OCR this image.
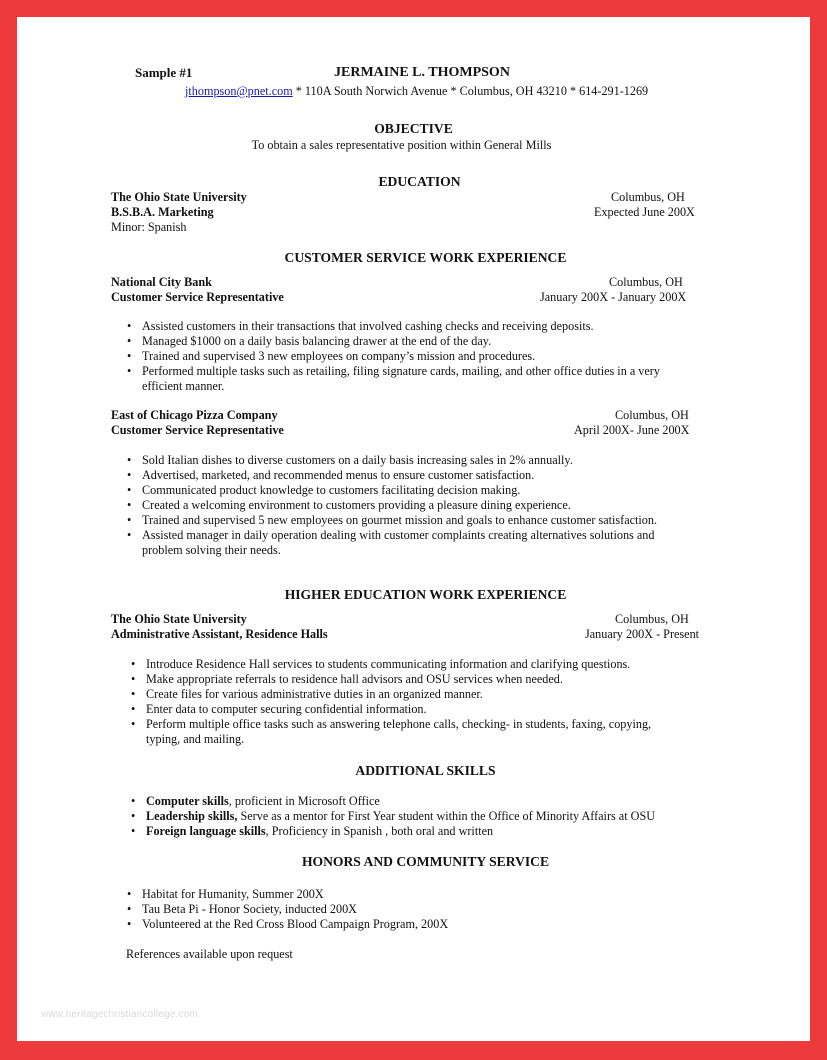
Sample #1	JERMAINE L. THOMPSON
jthompson@pnet.com * 110A South Norwich Avenue * Columbus, OH 43210 * 614-291-1269
OBJECTIVE
To obtain a sales representative position within General Mills
EDUCATION
The Ohio State University	Columbus, OH
B.S.B.A. Marketing	Expected June 200X
Minor: Spanish
CUSTOMER SERVICE WORK EXPERIENCE
National City Bank	Columbus, OH
Customer Service Representative	January 200X - January 200X
• Assisted customers in their transactions that involved cashing checks and receiving deposits.
• Managed $1000 on a daily basis balancing drawer at the end of the day.
• Trained and supervised 3 new employees on company’s mission and procedures.
• Performed multiple tasks such as retailing, filing signature cards, mailing, and other office duties in a very
efficient manner.
East of Chicago Pizza Company	Columbus, OH
Customer Service Representative	April 200X- June 200X
• Sold Italian dishes to diverse customers on a daily basis increasing sales in 2% annually.
• Advertised, marketed, and recommended menus to ensure customer satisfaction.
• Communicated product knowledge to customers facilitating decision making.
• Created a welcoming environment to customers providing a pleasure dining experience.
• Trained and supervised 5 new employees on gourmet mission and goals to enhance customer satisfaction.
• Assisted manager in daily operation dealing with customer complaints creating alternatives solutions and
problem solving their needs.
HIGHER EDUCATION WORK EXPERIENCE
The Ohio State University	Columbus, OH
Administrative Assistant, Residence Halls	January 200X - Present
• Introduce Residence Hall services to students communicating information and clarifying questions.
• Make appropriate referrals to residence hall advisors and OSU services when needed.
• Create files for various administrative duties in an organized manner.
• Enter data to computer securing confidential information.
• Perform multiple office tasks such as answering telephone calls, checking- in students, faxing, copying,
typing, and mailing.
ADDITIONAL SKILLS
• Computer skills, proficient in Microsoft Office
• Leadership skills, Serve as a mentor for First Year student within the Office of Minority Affairs at OSU
• Foreign language skills, Proficiency in Spanish , both oral and written
HONORS AND COMMUNITY SERVICE
• Habitat for Humanity, Summer 200X
• Tau Beta Pi - Honor Society, inducted 200X
• Volunteered at the Red Cross Blood Campaign Program, 200X
References available upon request
www.heritagechristiancollege.com
